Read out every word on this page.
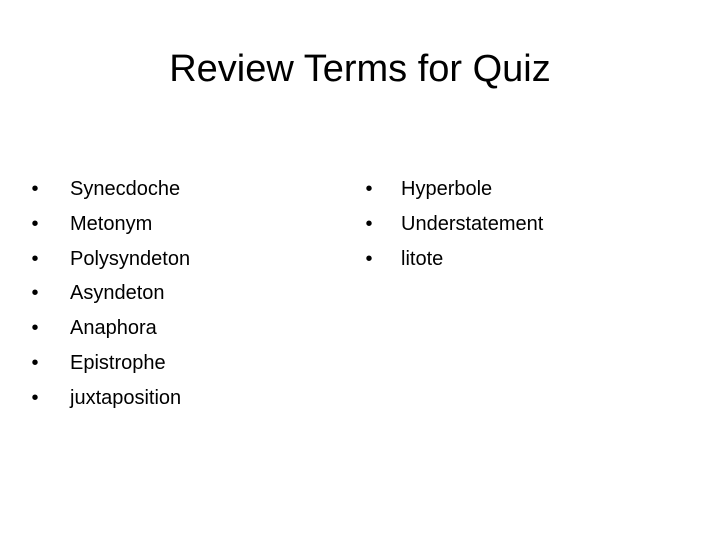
Review Terms for Quiz
• Synecdoche
• Metonym
• Polysyndeton
• Asyndeton
• Anaphora
• Epistrophe
• juxtaposition
• Hyperbole
• Understatement
• litote
